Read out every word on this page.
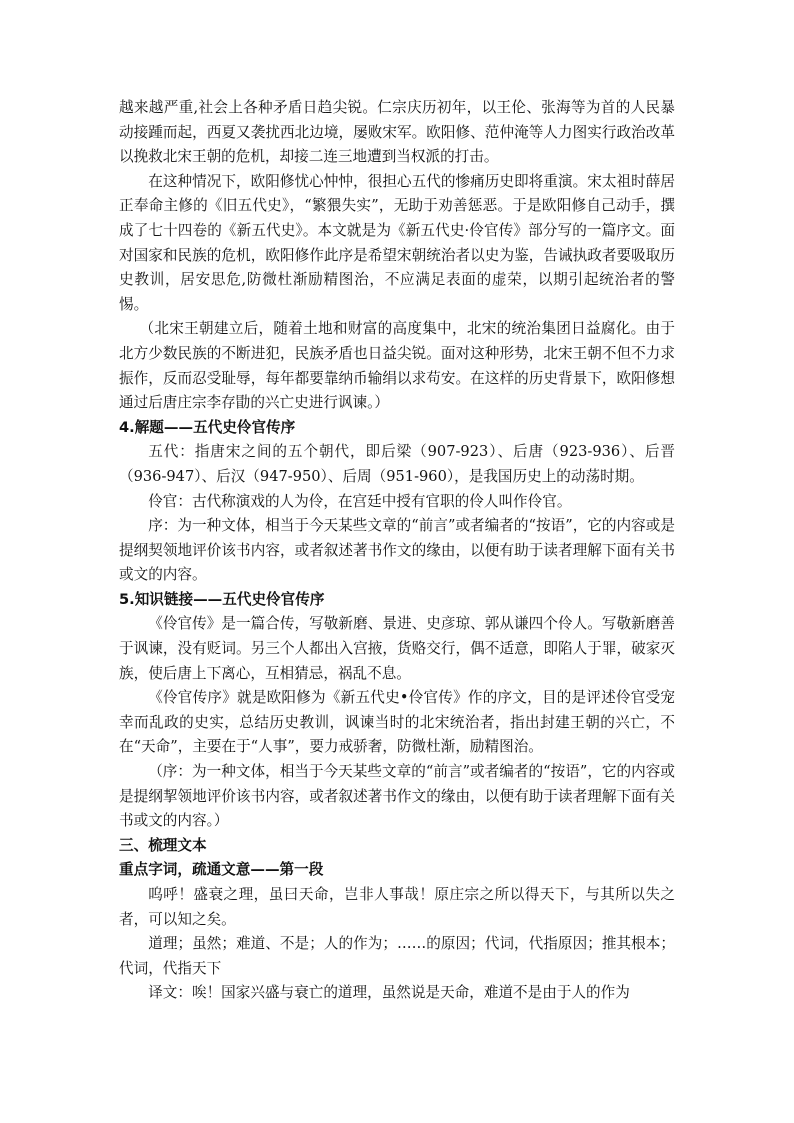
越来越严重,社会上各种矛盾日趋尖锐。仁宗庆历初年，以王伦、张海等为首的人民暴动接踵而起，西夏又袭扰西北边境，屡败宋军。欧阳修、范仲淹等人力图实行政治改革以挽救北宋王朝的危机，却接二连三地遭到当权派的打击。

在这种情况下，欧阳修忧心忡忡，很担心五代的惨痛历史即将重演。宋太祖时薛居正奉命主修的《旧五代史》，“繁猥失实”，无助于劝善惩恶。于是欧阳修自己动手，撰成了七十四卷的《新五代史》。本文就是为《新五代史·伶官传》部分写的一篇序文。面对国家和民族的危机，欧阳修作此序是希望宋朝统治者以史为鉴，告诫执政者要吸取历史教训，居安思危,防微杜渐励精图治，不应满足表面的虚荣，以期引起统治者的警惕。

（北宋王朝建立后，随着土地和财富的高度集中，北宋的统治集团日益腐化。由于北方少数民族的不断进犯，民族矛盾也日益尖锐。面对这种形势，北宋王朝不但不力求振作，反而忍受耻辱，每年都要靠纳币输绢以求苟安。在这样的历史背景下，欧阳修想通过后唐庄宗李存勖的兴亡史进行讽谏。）

4.解题——五代史伶官传序

五代：指唐宋之间的五个朝代，即后梁（907-923）、后唐（923-936）、后晋（936-947）、后汉（947-950）、后周（951-960），是我国历史上的动荡时期。

伶官：古代称演戏的人为伶，在宫廷中授有官职的伶人叫作伶官。

序：为一种文体，相当于今天某些文章的“前言”或者编者的“按语”，它的内容或是提纲契领地评价该书内容，或者叙述著书作文的缘由，以便有助于读者理解下面有关书或文的内容。

5.知识链接——五代史伶官传序

《伶官传》是一篇合传，写敬新磨、景进、史彦琼、郭从谦四个伶人。写敬新磨善于讽谏，没有贬词。另三个人都出入宫掖，货赂交行，偶不适意，即陷人于罪，破家灭族，使后唐上下离心，互相猜忌，祸乱不息。

《伶官传序》就是欧阳修为《新五代史•伶官传》作的序文，目的是评述伶官受宠幸而乱政的史实，总结历史教训，讽谏当时的北宋统治者，指出封建王朝的兴亡，不在“天命”，主要在于“人事”，要力戒骄奢，防微杜渐，励精图治。

（序：为一种文体，相当于今天某些文章的“前言”或者编者的“按语”，它的内容或是提纲挈领地评价该书内容，或者叙述著书作文的缘由，以便有助于读者理解下面有关书或文的内容。）

三、梳理文本

重点字词，疏通文意——第一段

呜呼！盛衰之理，虽曰天命，岂非人事哉！原庄宗之所以得天下，与其所以失之者，可以知之矣。

道理；虽然；难道、不是；人的作为；……的原因；代词，代指原因；推其根本；代词，代指天下

译文：唉！国家兴盛与衰亡的道理，虽然说是天命，难道不是由于人的作为
